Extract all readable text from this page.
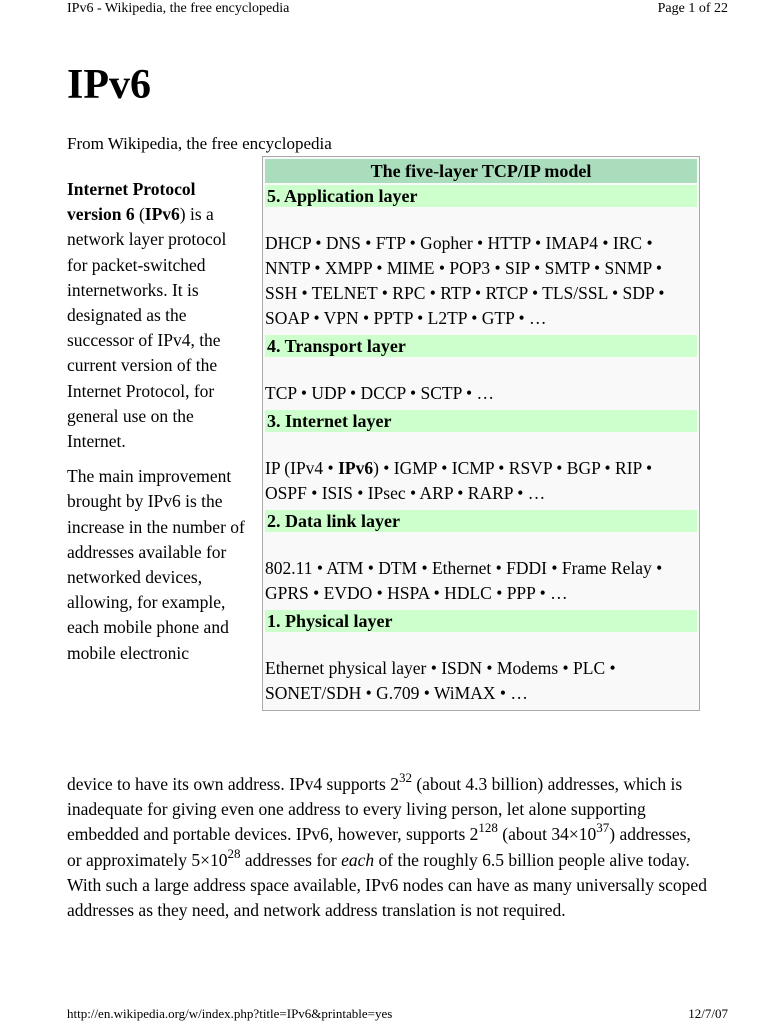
IPv6 - Wikipedia, the free encyclopedia	Page 1 of 22
IPv6
From Wikipedia, the free encyclopedia

Internet Protocol version 6 (IPv6) is a network layer protocol for packet-switched internetworks. It is designated as the successor of IPv4, the current version of the Internet Protocol, for general use on the Internet.

The main improvement brought by IPv6 is the increase in the number of addresses available for networked devices, allowing, for example, each mobile phone and mobile electronic

The five-layer TCP/IP model
5. Application layer
DHCP • DNS • FTP • Gopher • HTTP • IMAP4 • IRC • NNTP • XMPP • MIME • POP3 • SIP • SMTP • SNMP • SSH • TELNET • RPC • RTP • RTCP • TLS/SSL • SDP • SOAP • VPN • PPTP • L2TP • GTP • …
4. Transport layer
TCP • UDP • DCCP • SCTP • …
3. Internet layer
IP (IPv4 • IPv6) • IGMP • ICMP • RSVP • BGP • RIP • OSPF • ISIS • IPsec • ARP • RARP • …
2. Data link layer
802.11 • ATM • DTM • Ethernet • FDDI • Frame Relay • GPRS • EVDO • HSPA • HDLC • PPP • …
1. Physical layer
Ethernet physical layer • ISDN • Modems • PLC • SONET/SDH • G.709 • WiMAX • …

device to have its own address. IPv4 supports $2^{32}$ (about 4.3 billion) addresses, which is inadequate for giving even one address to every living person, let alone supporting embedded and portable devices. IPv6, however, supports $2^{128}$ (about $34\times 10^{37}$) addresses, or approximately $5\times 10^{28}$ addresses for each of the roughly 6.5 billion people alive today. With such a large address space available, IPv6 nodes can have as many universally scoped addresses as they need, and network address translation is not required.

http://en.wikipedia.org/w/index.php?title=IPv6&printable=yes	12/7/07
